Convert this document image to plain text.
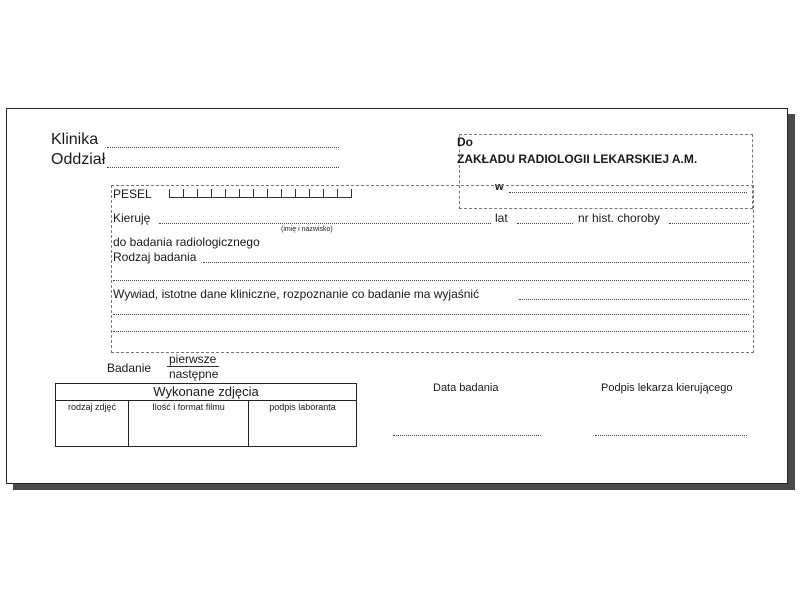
Klinika
Oddział
Do
ZAKŁADU RADIOLOGII LEKARSKIEJ A.M.
w
PESEL
Kieruję	lat	nr hist. choroby
(imię i nazwisko)
do badania radiologicznego
Rodzaj badania
Wywiad, istotne dane kliniczne, rozpoznanie co badanie ma wyjaśnić
Badanie
pierwsze
następne
Wykonane zdjęcia
rodzaj zdjęć	Ilość i format filmu	podpis laboranta
Data badania	Podpis lekarza kierującego
